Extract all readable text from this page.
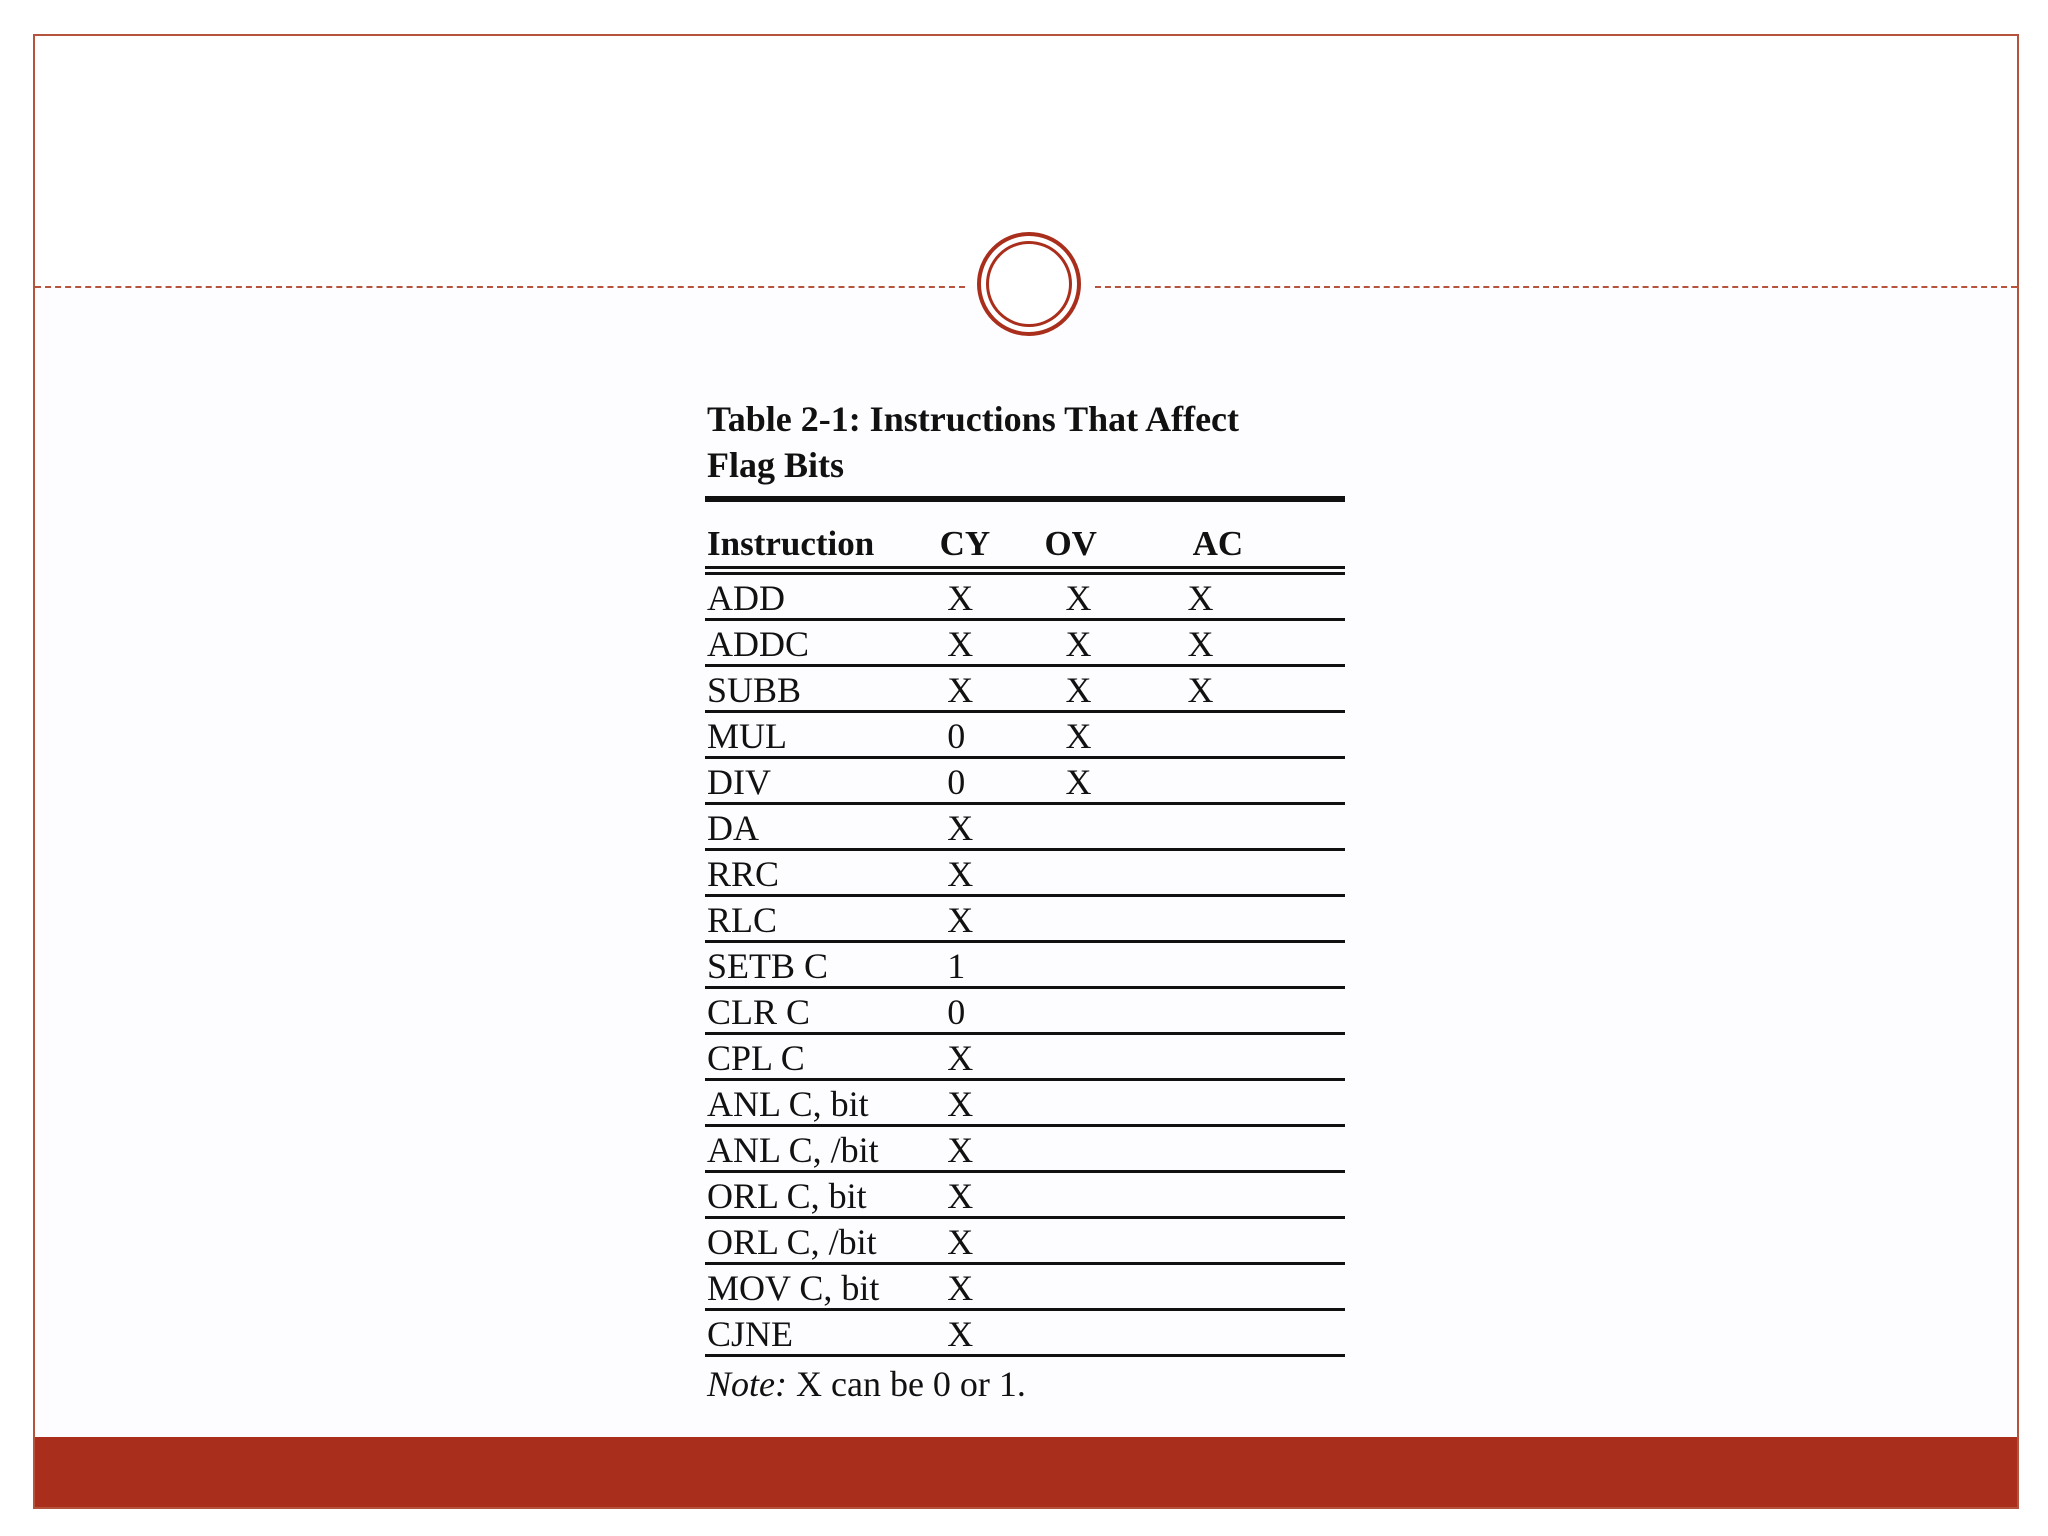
Table 2-1: Instructions That Affect
Flag Bits
Instruction	CY	OV	AC
ADD	X	X	X
ADDC	X	X	X
SUBB	X	X	X
MUL	0	X
DIV	0	X
DA	X
RRC	X
RLC	X
SETB C	1
CLR C	0
CPL C	X
ANL C, bit	X
ANL C, /bit	X
ORL C, bit	X
ORL C, /bit	X
MOV C, bit	X
CJNE	X
Note: X can be 0 or 1.
